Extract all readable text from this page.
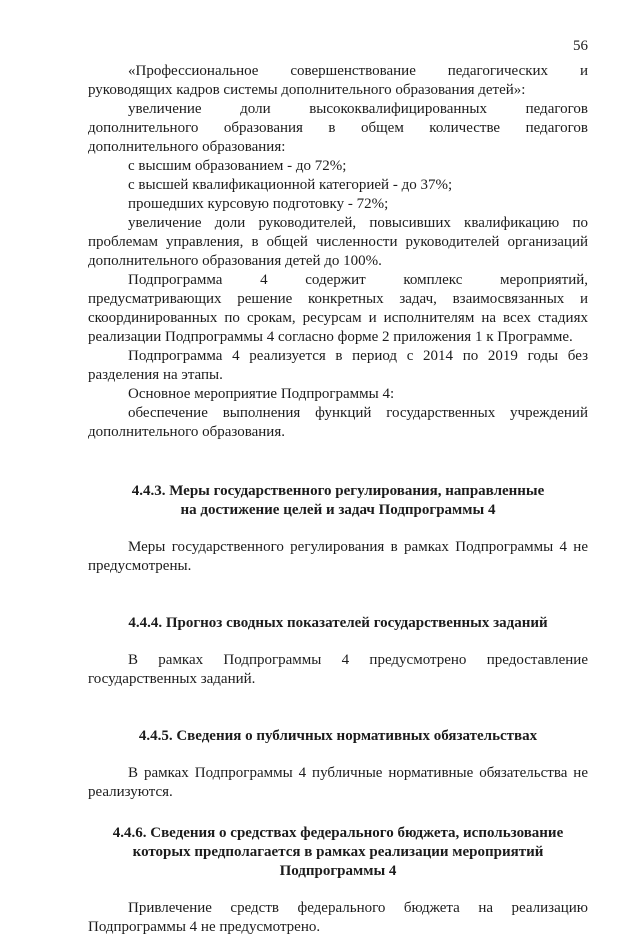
56

«Профессиональное совершенствование педагогических и руководящих кадров системы дополнительного образования детей»:

увеличение доли высококвалифицированных педагогов дополнительного образования в общем количестве педагогов дополнительного образования:

с высшим образованием - до 72%;

с высшей квалификационной категорией - до 37%;

прошедших курсовую подготовку - 72%;

увеличение доли руководителей, повысивших квалификацию по проблемам управления, в общей численности руководителей организаций дополнительного образования детей до 100%.

Подпрограмма 4 содержит комплекс мероприятий, предусматривающих решение конкретных задач, взаимосвязанных и скоординированных по срокам, ресурсам и исполнителям на всех стадиях реализации Подпрограммы 4 согласно форме 2 приложения 1 к Программе.

Подпрограмма 4 реализуется в период с 2014 по 2019 годы без разделения на этапы.

Основное мероприятие Подпрограммы 4:

обеспечение выполнения функций государственных учреждений дополнительного образования.

4.4.3. Меры государственного регулирования, направленные
на достижение целей и задач Подпрограммы 4

Меры государственного регулирования в рамках Подпрограммы 4 не предусмотрены.

4.4.4. Прогноз сводных показателей государственных заданий

В рамках Подпрограммы 4 предусмотрено предоставление государственных заданий.

4.4.5. Сведения о публичных нормативных обязательствах

В рамках Подпрограммы 4 публичные нормативные обязательства не реализуются.

4.4.6. Сведения о средствах федерального бюджета, использование
которых предполагается в рамках реализации мероприятий
Подпрограммы 4

Привлечение средств федерального бюджета на реализацию Подпрограммы 4 не предусмотрено.
